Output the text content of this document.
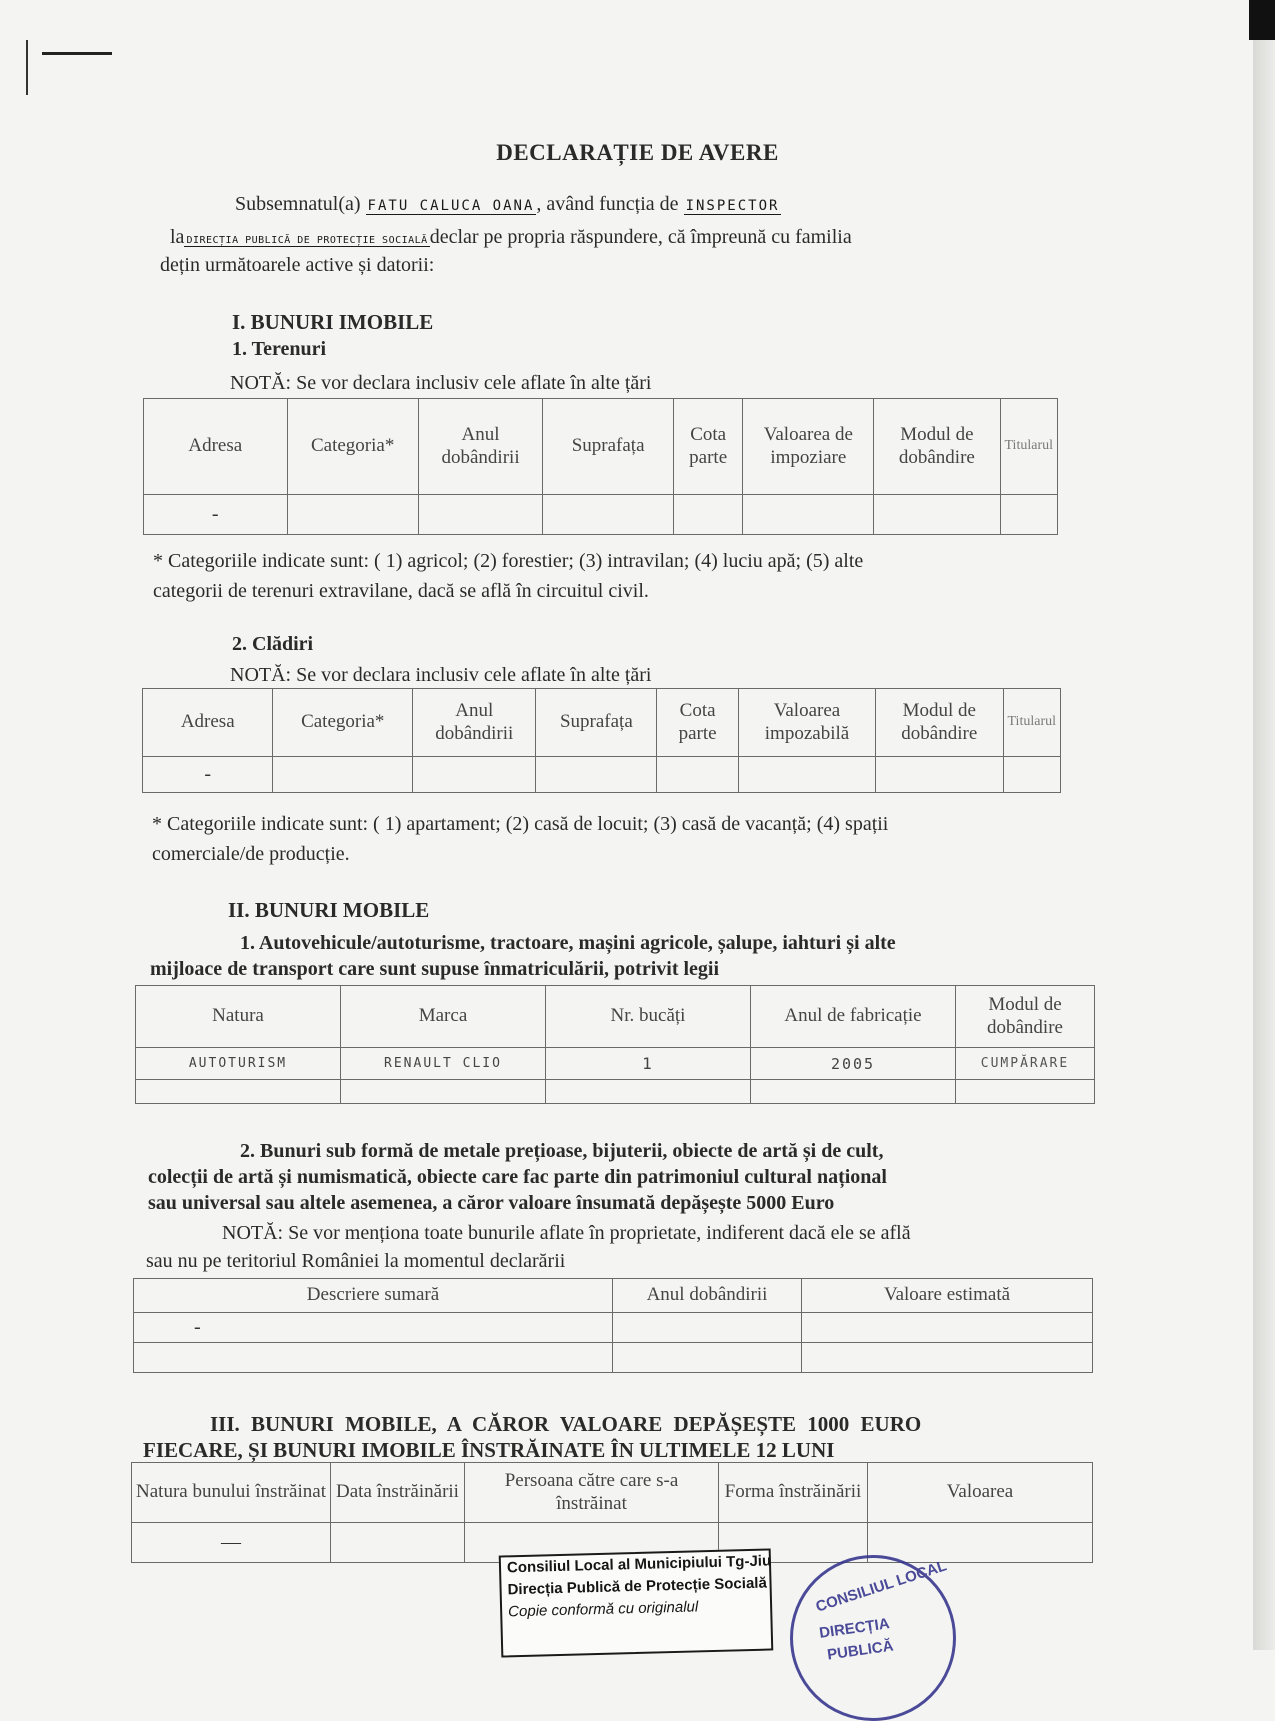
DECLARAȚIE DE AVERE
Subsemnatul(a) FATU CALUCA OANA , având funcția de INSPECTOR
la DIRECȚIA PUBLICĂ DE PROTECȚIE SOCIALĂ declar pe propria răspundere, că împreună cu familia
dețin următoarele active și datorii:
I. BUNURI IMOBILE
1. Terenuri
NOTĂ: Se vor declara inclusiv cele aflate în alte țări
Adresa	Categoria*	Anul dobândirii	Suprafața	Cota parte	Valoarea de impoziare	Modul de dobândire	Titularul
-							
* Categoriile indicate sunt: ( 1) agricol; (2) forestier; (3) intravilan; (4) luciu apă; (5) alte
categorii de terenuri extravilane, dacă se află în circuitul civil.
2. Clădiri
NOTĂ: Se vor declara inclusiv cele aflate în alte țări
Adresa	Categoria*	Anul dobândirii	Suprafața	Cota parte	Valoarea impozabilă	Modul de dobândire	Titularul
-							
* Categoriile indicate sunt: ( 1) apartament; (2) casă de locuit; (3) casă de vacanță; (4) spații
comerciale/de producție.
II. BUNURI MOBILE
1. Autovehicule/autoturisme, tractoare, mașini agricole, șalupe, iahturi și alte
mijloace de transport care sunt supuse înmatriculării, potrivit legii
Natura	Marca	Nr. bucăți	Anul de fabricație	Modul de dobândire
AUTOTURISM	RENAULT CLIO	1	2005	CUMPĂRARE

2. Bunuri sub formă de metale prețioase, bijuterii, obiecte de artă și de cult,
colecții de artă și numismatică, obiecte care fac parte din patrimoniul cultural național
sau universal sau altele asemenea, a căror valoare însumată depășește 5000 Euro
NOTĂ: Se vor menționa toate bunurile aflate în proprietate, indiferent dacă ele se află
sau nu pe teritoriul României la momentul declarării
Descriere sumară	Anul dobândirii	Valoare estimată
-		

III. BUNURI MOBILE, A CĂROR VALOARE DEPĂȘEȘTE 1000 EURO
FIECARE, ȘI BUNURI IMOBILE ÎNSTRĂINATE ÎN ULTIMELE 12 LUNI
Natura bunului înstrăinat	Data înstrăinării	Persoana către care s-a înstrăinat	Forma înstrăinării	Valoarea
—				
Consiliul Local al Municipiului Tg-Jiu
Direcția Publică de Protecție Socială
Copie conformă cu originalul	CONSILIUL LOCAL
DIRECȚIA
PUBLICĂ
